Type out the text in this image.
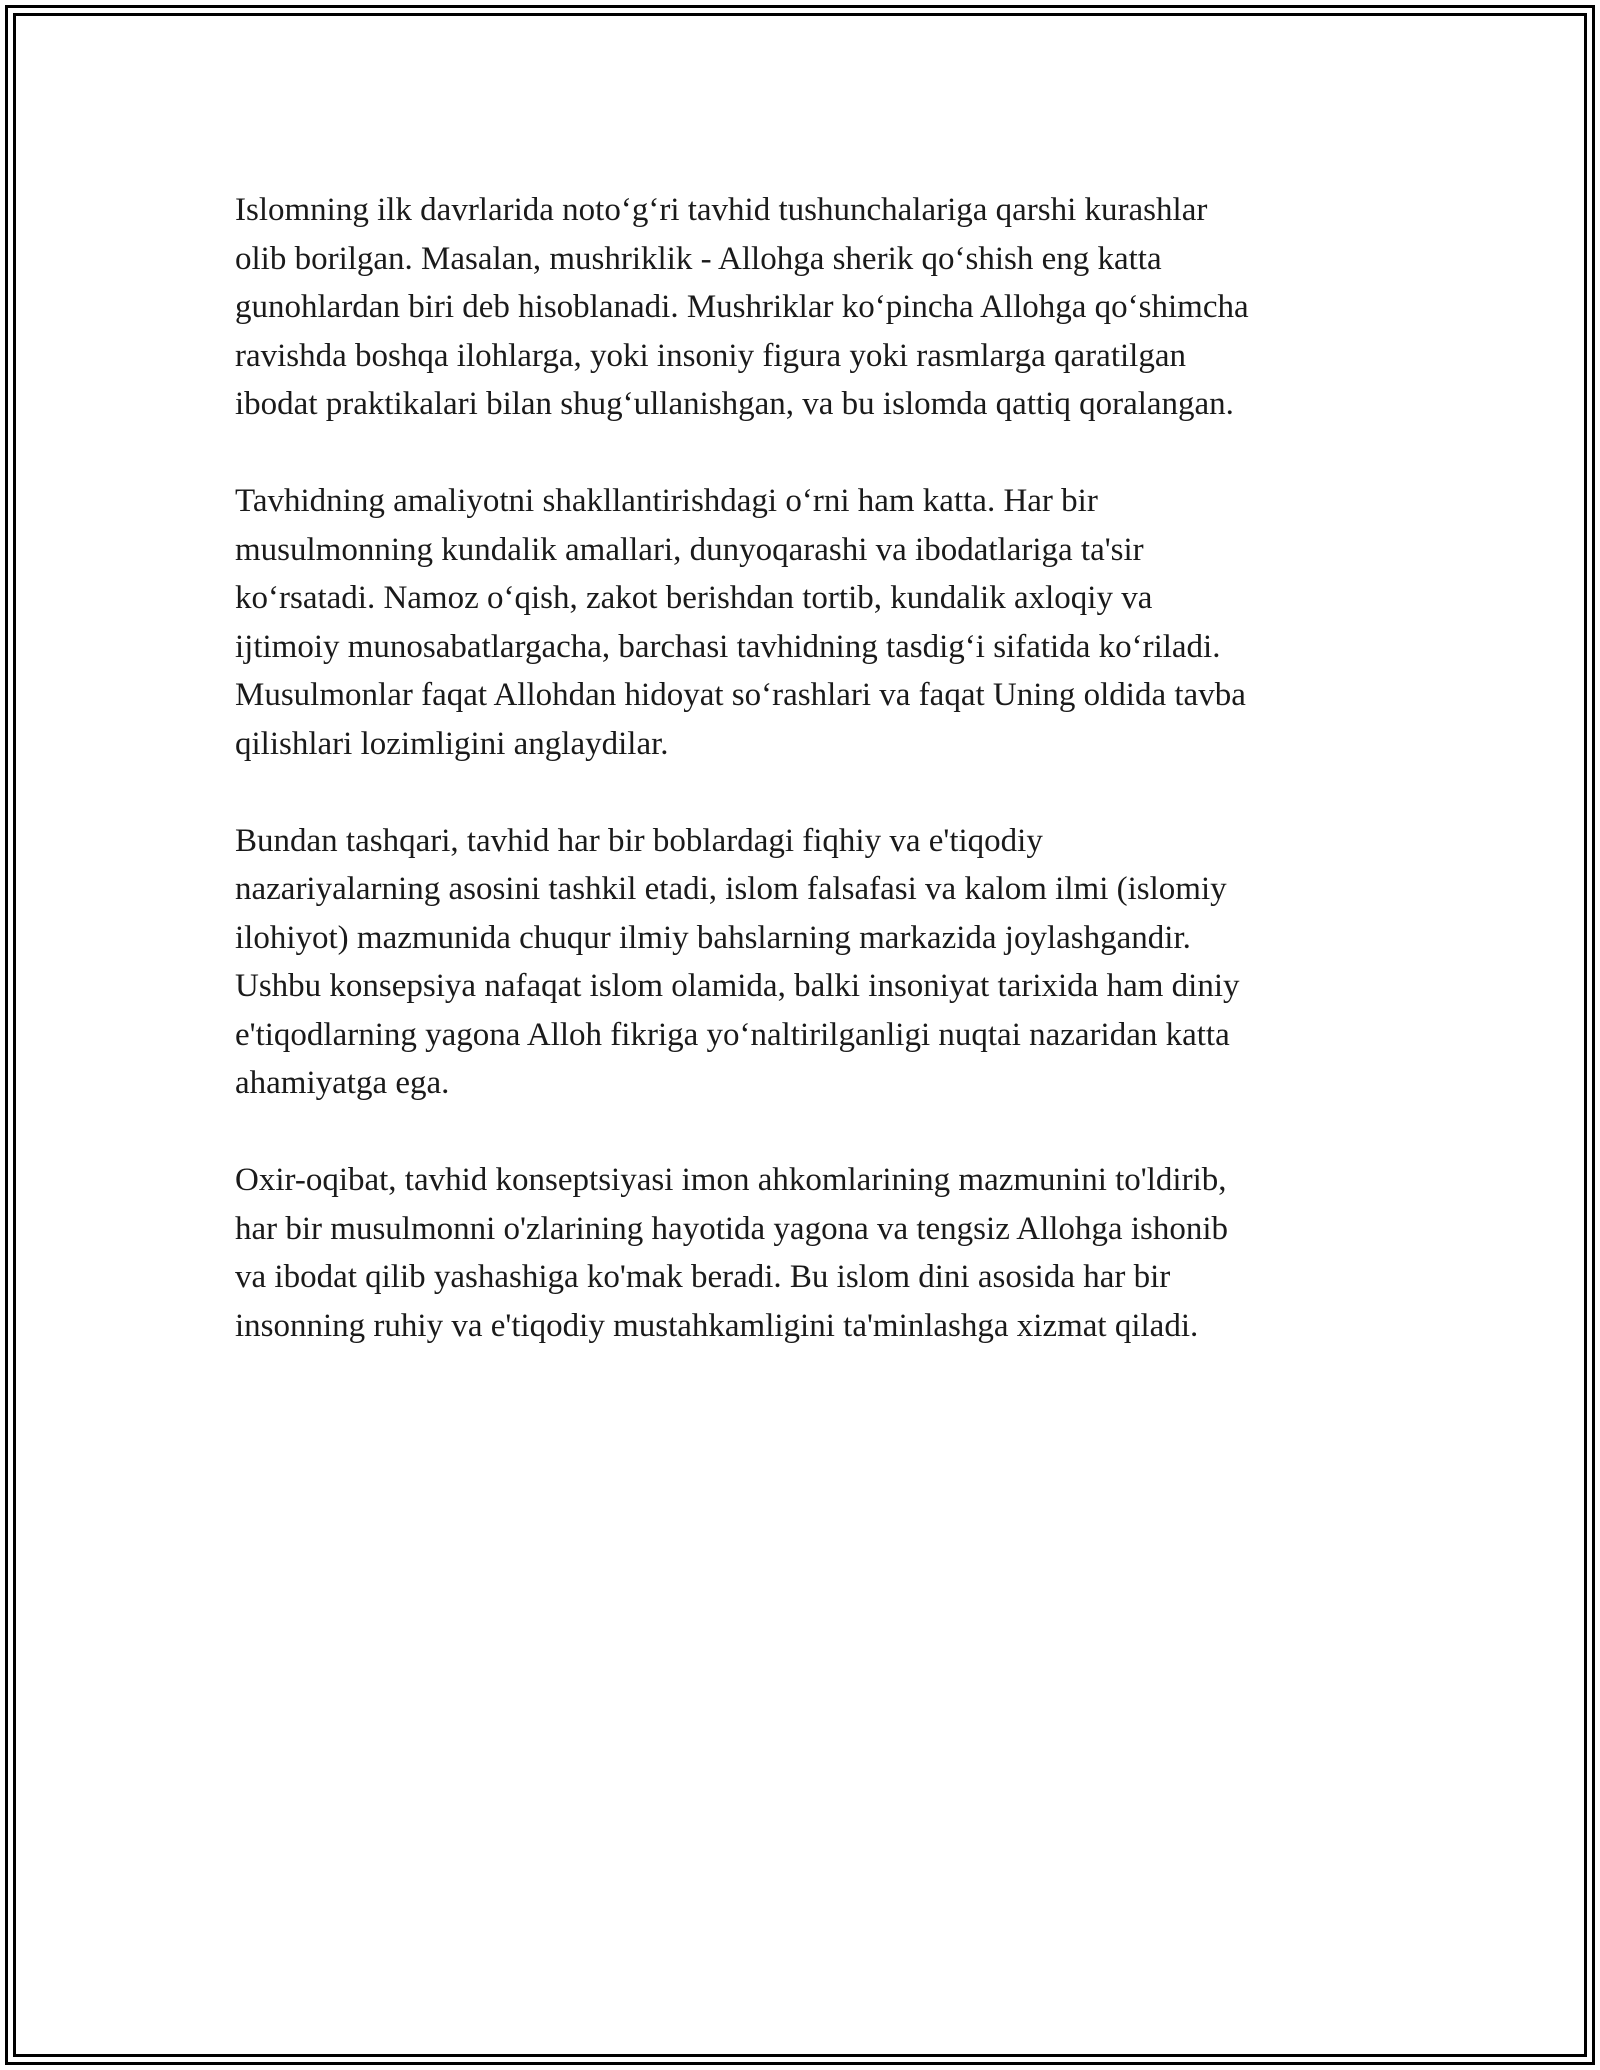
Islomning ilk davrlarida noto‘g‘ri tavhid tushunchalariga qarshi kurashlar
olib borilgan. Masalan, mushriklik - Allohga sherik qo‘shish eng katta
gunohlardan biri deb hisoblanadi. Mushriklar ko‘pincha Allohga qo‘shimcha
ravishda boshqa ilohlarga, yoki insoniy figura yoki rasmlarga qaratilgan
ibodat praktikalari bilan shug‘ullanishgan, va bu islomda qattiq qoralangan.

Tavhidning amaliyotni shakllantirishdagi o‘rni ham katta. Har bir
musulmonning kundalik amallari, dunyoqarashi va ibodatlariga ta'sir
ko‘rsatadi. Namoz o‘qish, zakot berishdan tortib, kundalik axloqiy va
ijtimoiy munosabatlargacha, barchasi tavhidning tasdig‘i sifatida ko‘riladi.
Musulmonlar faqat Allohdan hidoyat so‘rashlari va faqat Uning oldida tavba
qilishlari lozimligini anglaydilar.

Bundan tashqari, tavhid har bir boblardagi fiqhiy va e'tiqodiy
nazariyalarning asosini tashkil etadi, islom falsafasi va kalom ilmi (islomiy
ilohiyot) mazmunida chuqur ilmiy bahslarning markazida joylashgandir.
Ushbu konsepsiya nafaqat islom olamida, balki insoniyat tarixida ham diniy
e'tiqodlarning yagona Alloh fikriga yo‘naltirilganligi nuqtai nazaridan katta
ahamiyatga ega.

Oxir-oqibat, tavhid konseptsiyasi imon ahkomlarining mazmunini to'ldirib,
har bir musulmonni o'zlarining hayotida yagona va tengsiz Allohga ishonib
va ibodat qilib yashashiga ko'mak beradi. Bu islom dini asosida har bir
insonning ruhiy va e'tiqodiy mustahkamligini ta'minlashga xizmat qiladi.
